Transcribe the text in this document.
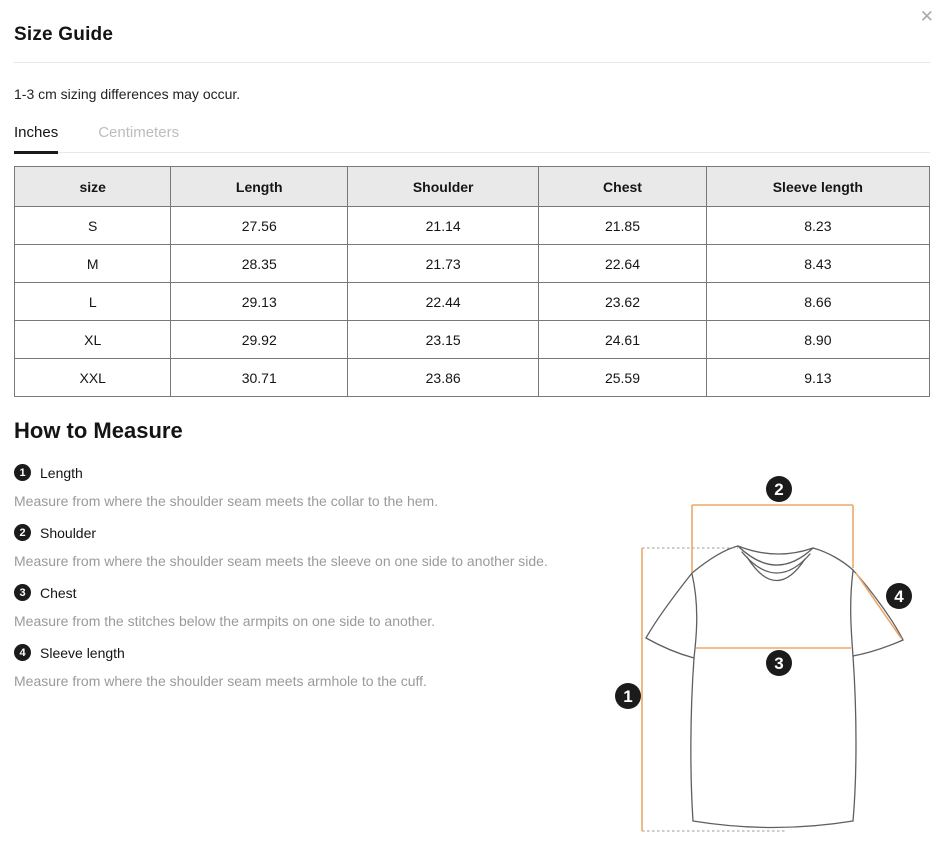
Size Guide
✕

1-3 cm sizing differences may occur.

Inches	Centimeters
size	Length	Shoulder	Chest	Sleeve length
S	27.56	21.14	21.85	8.23
M	28.35	21.73	22.64	8.43
L	29.13	22.44	23.62	8.66
XL	29.92	23.15	24.61	8.90
XXL	30.71	23.86	25.59	9.13
How to Measure
1	Length

Measure from where the shoulder seam meets the collar to the hem.

2	Shoulder

Measure from where the shoulder seam meets the sleeve on one side to another side.

3	Chest

Measure from the stitches below the armpits on one side to another.

4	Sleeve length

Measure from where the shoulder seam meets armhole to the cuff.

1
2
3
4
